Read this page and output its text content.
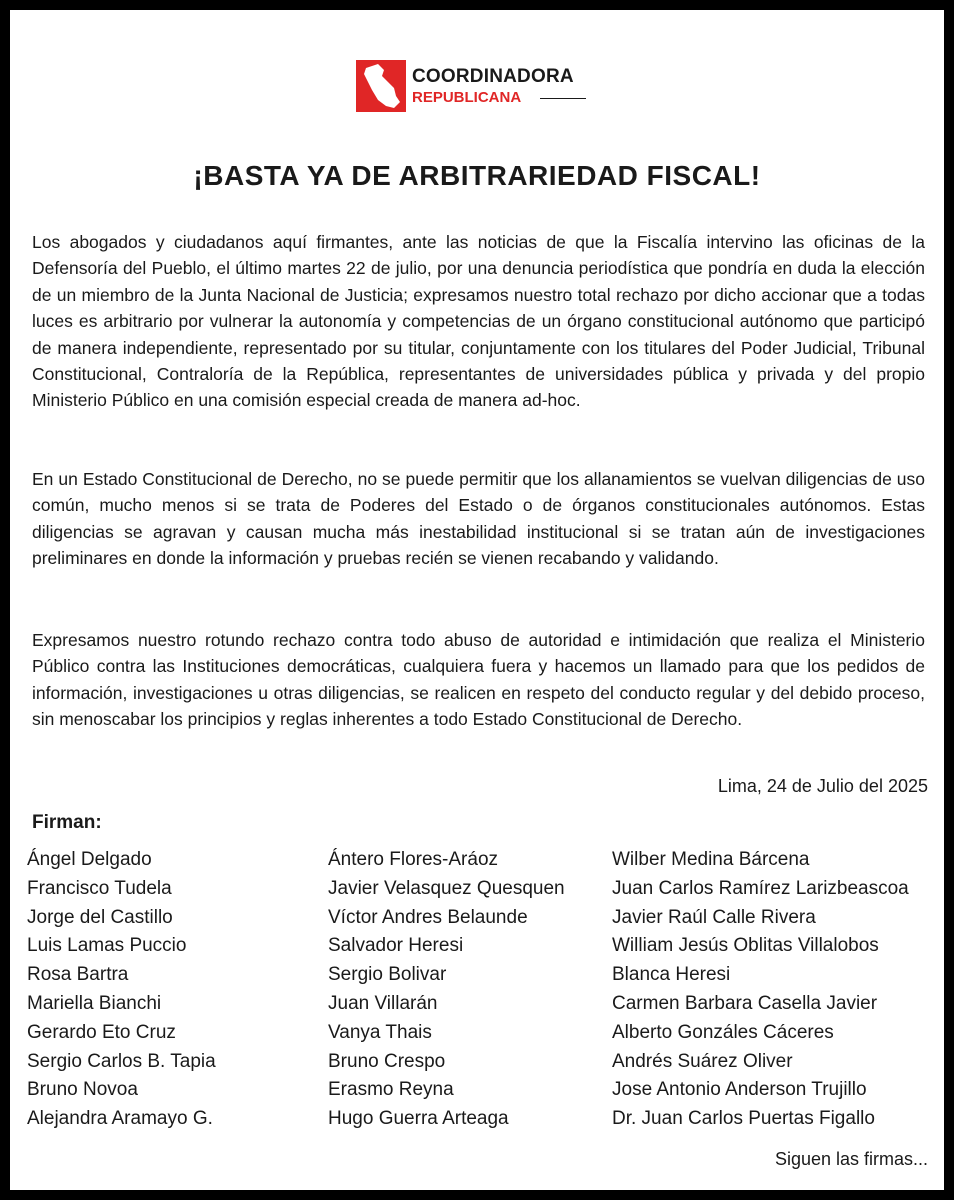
COORDINADORA
REPUBLICANA
¡BASTA YA DE ARBITRARIEDAD FISCAL!

Los abogados y ciudadanos aquí firmantes, ante las noticias de que la Fiscalía intervino las oficinas de la Defensoría del Pueblo, el último martes 22 de julio, por una denuncia periodística que pondría en duda la elección de un miembro de la Junta Nacional de Justicia; expresamos nuestro total rechazo por dicho accionar que a todas luces es arbitrario por vulnerar la autonomía y competencias de un órgano constitucional autónomo que participó de manera independiente, representado por su titular, conjuntamente con los titulares del Poder Judicial, Tribunal Constitucional, Contraloría de la República, representantes de universidades pública y privada y del propio Ministerio Público en una comisión especial creada de manera ad-hoc.

En un Estado Constitucional de Derecho, no se puede permitir que los allanamientos se vuelvan diligencias de uso común, mucho menos si se trata de Poderes del Estado o de órganos constitucionales autónomos. Estas diligencias se agravan y causan mucha más inestabilidad institucional si se tratan aún de investigaciones preliminares en donde la información y pruebas recién se vienen recabando y validando.

Expresamos nuestro rotundo rechazo contra todo abuso de autoridad e intimidación que realiza el Ministerio Público contra las Instituciones democráticas, cualquiera fuera y hacemos un llamado para que los pedidos de información, investigaciones u otras diligencias, se realicen en respeto del conducto regular y del debido proceso, sin menoscabar los principios y reglas inherentes a todo Estado Constitucional de Derecho.

Lima, 24 de Julio del 2025

Firman:

Ángel Delgado
Francisco Tudela
Jorge del Castillo
Luis Lamas Puccio
Rosa Bartra
Mariella Bianchi
Gerardo Eto Cruz
Sergio Carlos B. Tapia
Bruno Novoa
Alejandra Aramayo G.
Ántero Flores-Aráoz
Javier Velasquez Quesquen
Víctor Andres Belaunde
Salvador Heresi
Sergio Bolivar
Juan Villarán
Vanya Thais
Bruno Crespo
Erasmo Reyna
Hugo Guerra Arteaga
Wilber Medina Bárcena
Juan Carlos Ramírez Larizbeascoa
Javier Raúl Calle Rivera
William Jesús Oblitas Villalobos
Blanca Heresi
Carmen Barbara Casella Javier
Alberto Gonzáles Cáceres
Andrés Suárez Oliver
Jose Antonio Anderson Trujillo
Dr. Juan Carlos Puertas Figallo

Siguen las firmas...
